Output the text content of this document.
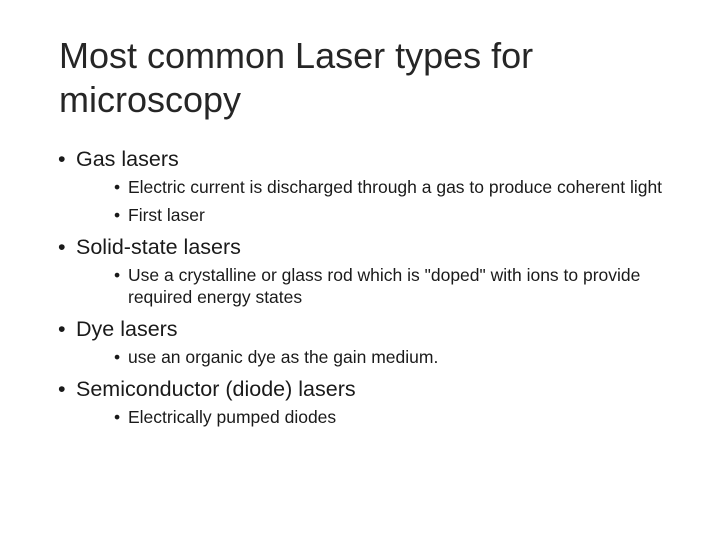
Most common Laser types for microscopy
• Gas lasers
• Electric current is discharged through a gas to produce coherent light
• First laser
• Solid-state lasers
• Use a crystalline or glass rod which is "doped" with ions to provide required energy states
• Dye lasers
• use an organic dye as the gain medium.
• Semiconductor (diode) lasers
• Electrically pumped diodes
